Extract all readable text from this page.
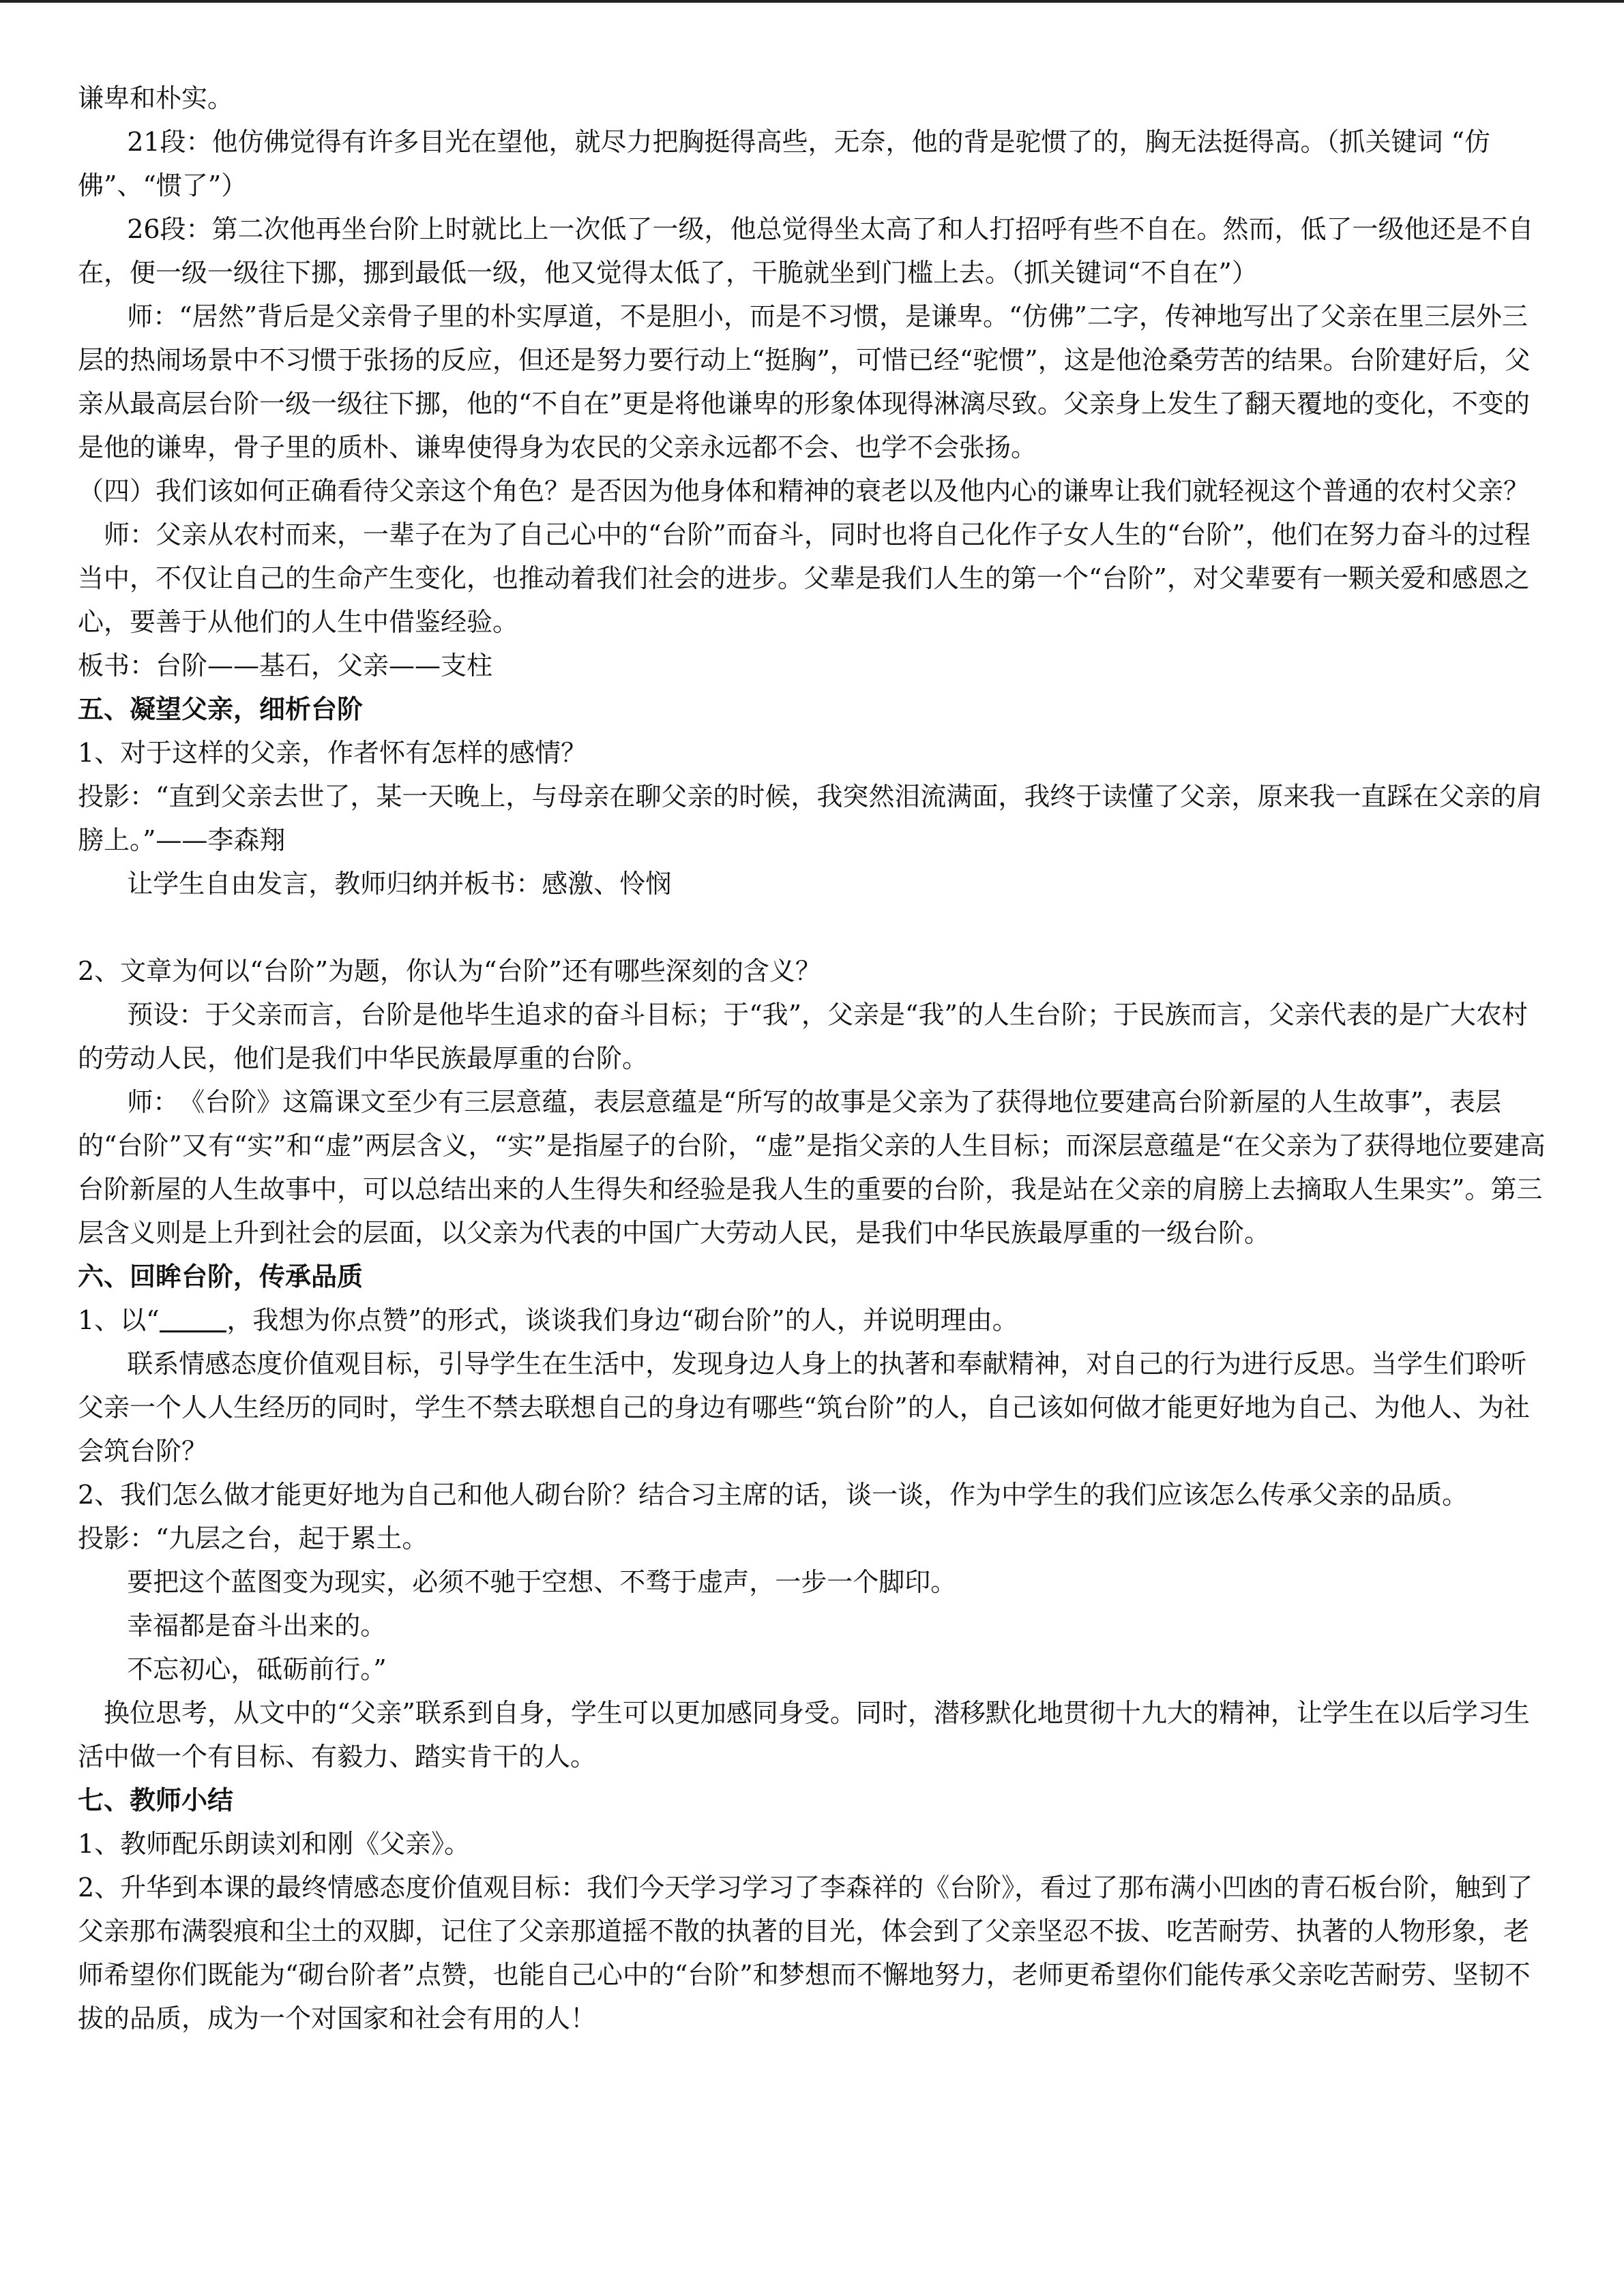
谦卑和朴实。

21段：他仿佛觉得有许多目光在望他，就尽力把胸挺得高些，无奈，他的背是驼惯了的，胸无法挺得高。（抓关键词 “仿佛”、“惯了”）

26段：第二次他再坐台阶上时就比上一次低了一级，他总觉得坐太高了和人打招呼有些不自在。然而，低了一级他还是不自在，便一级一级往下挪，挪到最低一级，他又觉得太低了，干脆就坐到门槛上去。（抓关键词“不自在”）

师：“居然”背后是父亲骨子里的朴实厚道，不是胆小，而是不习惯，是谦卑。“仿佛”二字，传神地写出了父亲在里三层外三层的热闹场景中不习惯于张扬的反应，但还是努力要行动上“挺胸”，可惜已经“驼惯”，这是他沧桑劳苦的结果。台阶建好后，父亲从最高层台阶一级一级往下挪，他的“不自在”更是将他谦卑的形象体现得淋漓尽致。父亲身上发生了翻天覆地的变化，不变的是他的谦卑，骨子里的质朴、谦卑使得身为农民的父亲永远都不会、也学不会张扬。

（四）我们该如何正确看待父亲这个角色？是否因为他身体和精神的衰老以及他内心的谦卑让我们就轻视这个普通的农村父亲？

师：父亲从农村而来，一辈子在为了自己心中的“台阶”而奋斗，同时也将自己化作子女人生的“台阶”，他们在努力奋斗的过程当中，不仅让自己的生命产生变化，也推动着我们社会的进步。父辈是我们人生的第一个“台阶”，对父辈要有一颗关爱和感恩之心，要善于从他们的人生中借鉴经验。

板书：台阶——基石，父亲——支柱

五、凝望父亲，细析台阶

1、对于这样的父亲，作者怀有怎样的感情？

投影：“直到父亲去世了，某一天晚上，与母亲在聊父亲的时候，我突然泪流满面，我终于读懂了父亲，原来我一直踩在父亲的肩膀上。”——李森翔

让学生自由发言，教师归纳并板书：感激、怜悯

2、文章为何以“台阶”为题，你认为“台阶”还有哪些深刻的含义？

预设：于父亲而言，台阶是他毕生追求的奋斗目标；于“我”，父亲是“我”的人生台阶；于民族而言，父亲代表的是广大农村的劳动人民，他们是我们中华民族最厚重的台阶。

师：　《台阶》这篇课文至少有三层意蕴，表层意蕴是“所写的故事是父亲为了获得地位要建高台阶新屋的人生故事”，表层的“台阶”又有“实”和“虚”两层含义，“实”是指屋子的台阶，“虚”是指父亲的人生目标；而深层意蕴是“在父亲为了获得地位要建高台阶新屋的人生故事中，可以总结出来的人生得失和经验是我人生的重要的台阶，我是站在父亲的肩膀上去摘取人生果实”。第三层含义则是上升到社会的层面，以父亲为代表的中国广大劳动人民，是我们中华民族最厚重的一级台阶。

六、回眸台阶，传承品质

1、以“	，我想为你点赞”的形式，谈谈我们身边“砌台阶”的人，并说明理由。

联系情感态度价值观目标，引导学生在生活中，发现身边人身上的执著和奉献精神，对自己的行为进行反思。当学生们聆听父亲一个人人生经历的同时，学生不禁去联想自己的身边有哪些“筑台阶”的人，自己该如何做才能更好地为自己、为他人、为社会筑台阶？

2、我们怎么做才能更好地为自己和他人砌台阶？结合习主席的话，谈一谈，作为中学生的我们应该怎么传承父亲的品质。

投影：“九层之台，起于累土。

要把这个蓝图变为现实，必须不驰于空想、不骛于虚声，一步一个脚印。

幸福都是奋斗出来的。

不忘初心，砥砺前行。”

换位思考，从文中的“父亲”联系到自身，学生可以更加感同身受。同时，潜移默化地贯彻十九大的精神，让学生在以后学习生活中做一个有目标、有毅力、踏实肯干的人。

七、教师小结

1、教师配乐朗读刘和刚《父亲》。

2、升华到本课的最终情感态度价值观目标：我们今天学习学习了李森祥的《台阶》，看过了那布满小凹凼的青石板台阶，触到了父亲那布满裂痕和尘土的双脚，记住了父亲那道摇不散的执著的目光，体会到了父亲坚忍不拔、吃苦耐劳、执著的人物形象，老师希望你们既能为“砌台阶者”点赞，也能自己心中的“台阶”和梦想而不懈地努力，老师更希望你们能传承父亲吃苦耐劳、坚韧不拔的品质，成为一个对国家和社会有用的人！
